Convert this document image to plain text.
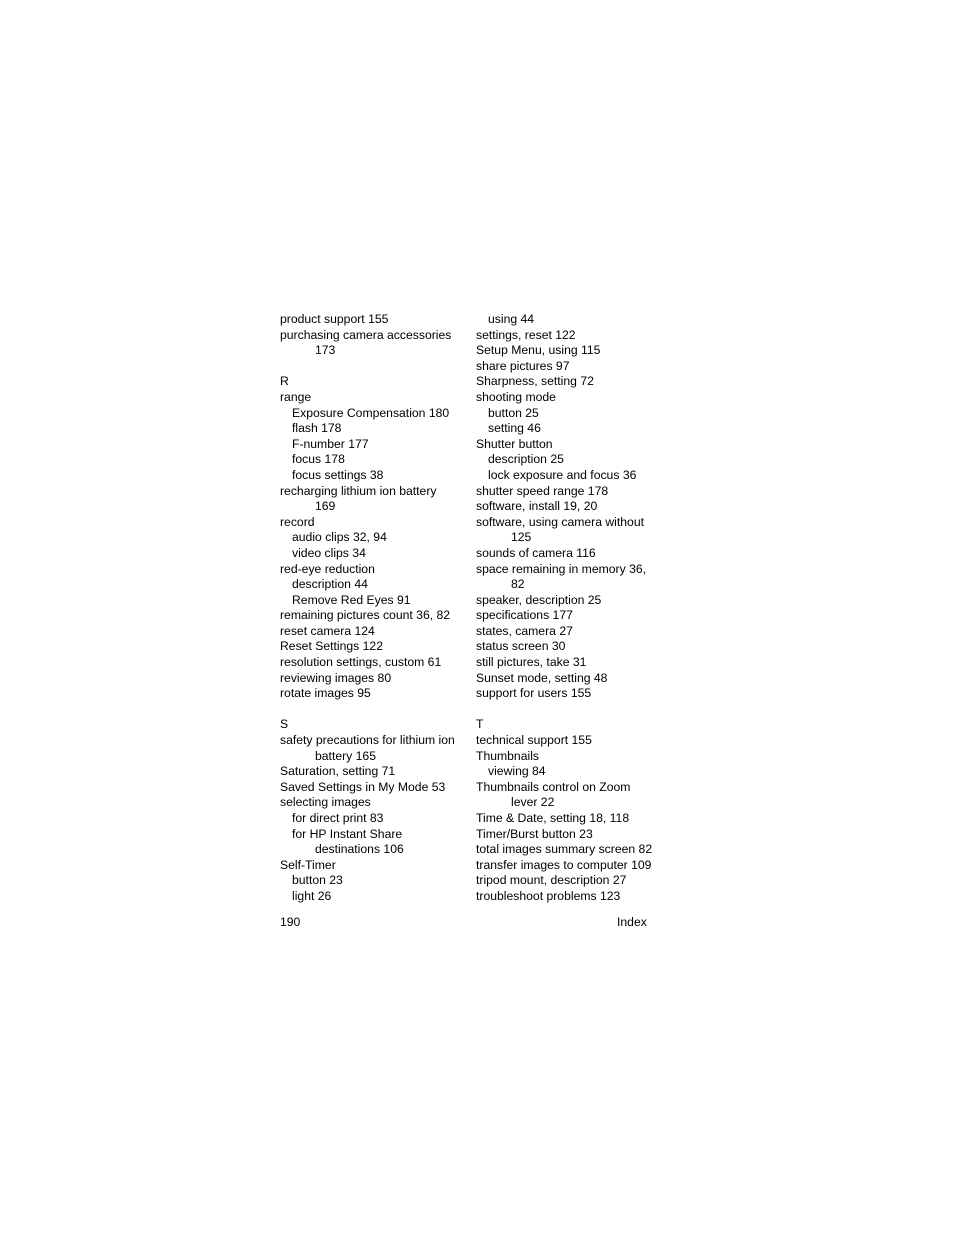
product support 155
purchasing camera accessories
173
R
range
Exposure Compensation 180
flash 178
F-number 177
focus 178
focus settings 38
recharging lithium ion battery
169
record
audio clips 32, 94
video clips 34
red-eye reduction
description 44
Remove Red Eyes 91
remaining pictures count 36, 82
reset camera 124
Reset Settings 122
resolution settings, custom 61
reviewing images 80
rotate images 95
S
safety precautions for lithium ion
battery 165
Saturation, setting 71
Saved Settings in My Mode 53
selecting images
for direct print 83
for HP Instant Share
destinations 106
Self-Timer
button 23
light 26
using 44
settings, reset 122
Setup Menu, using 115
share pictures 97
Sharpness, setting 72
shooting mode
button 25
setting 46
Shutter button
description 25
lock exposure and focus 36
shutter speed range 178
software, install 19, 20
software, using camera without
125
sounds of camera 116
space remaining in memory 36,
82
speaker, description 25
specifications 177
states, camera 27
status screen 30
still pictures, take 31
Sunset mode, setting 48
support for users 155
T
technical support 155
Thumbnails
viewing 84
Thumbnails control on Zoom
lever 22
Time & Date, setting 18, 118
Timer/Burst button 23
total images summary screen 82
transfer images to computer 109
tripod mount, description 27
troubleshoot problems 123
190	Index
